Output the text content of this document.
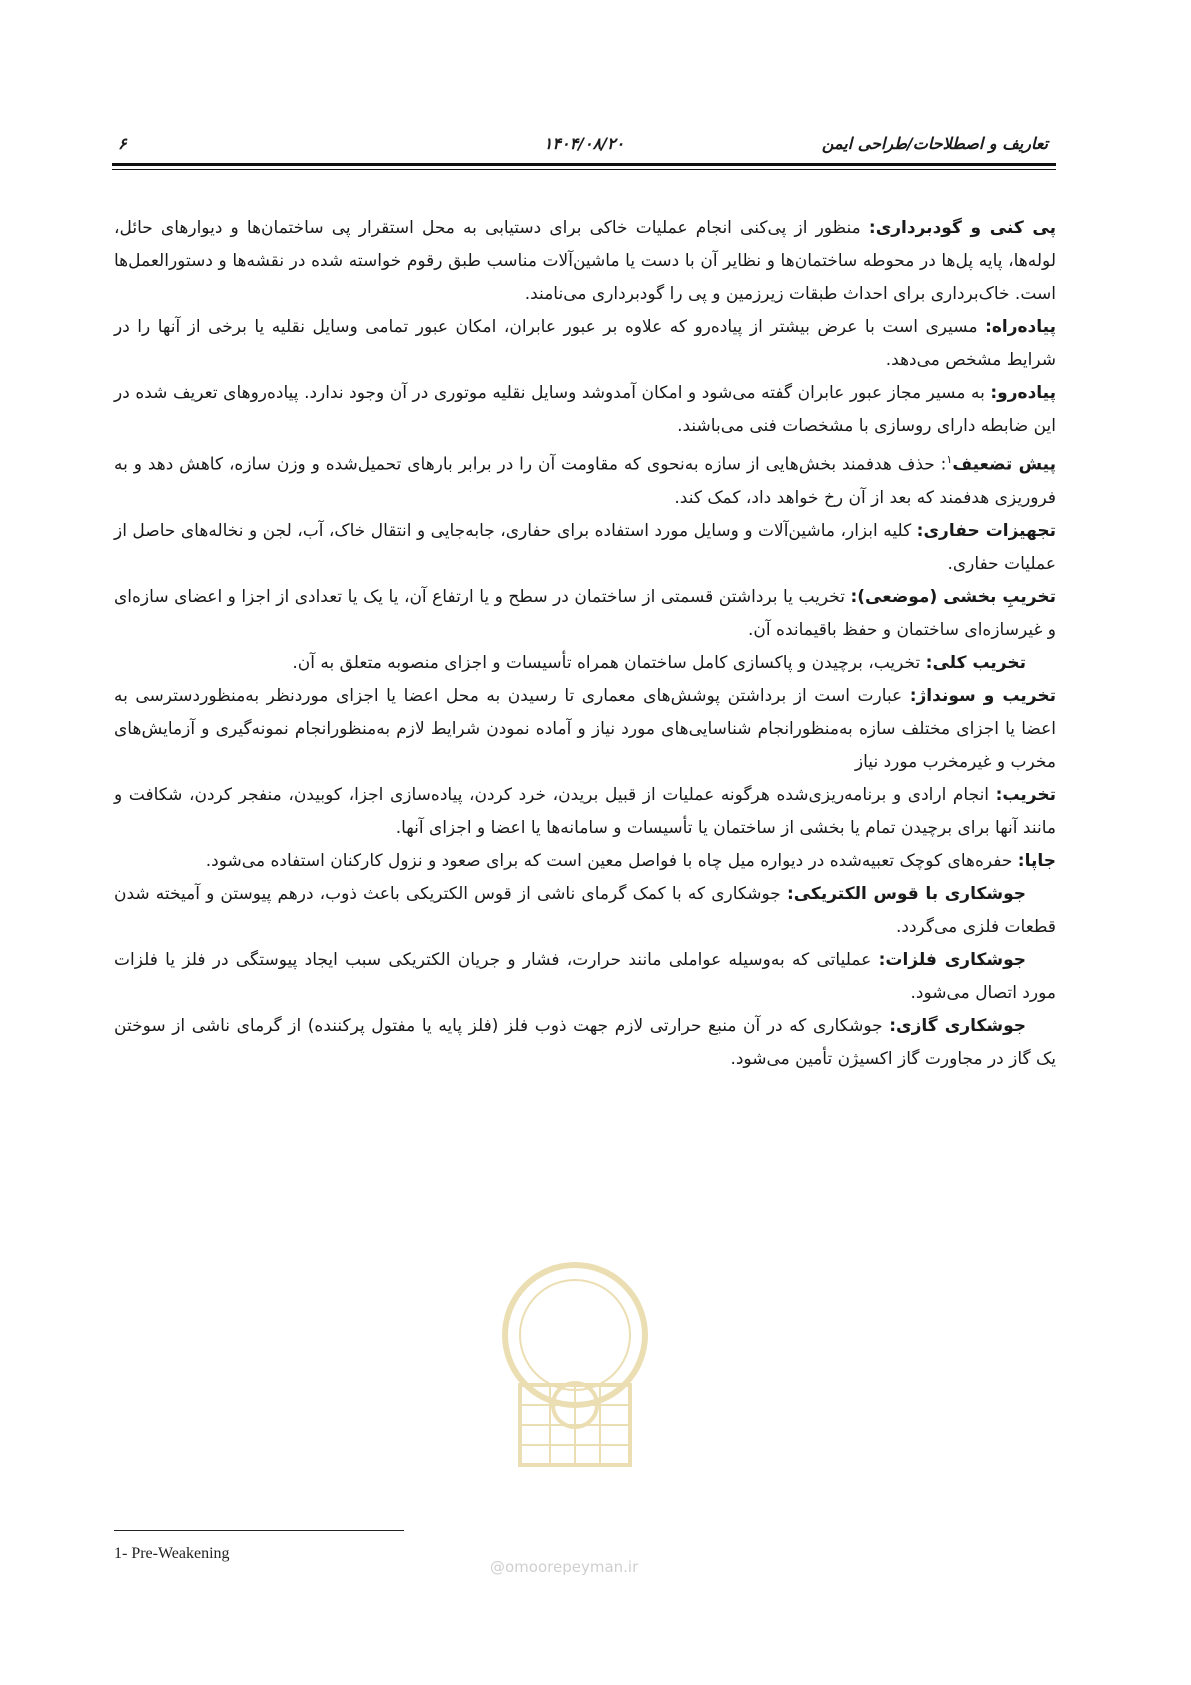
تعاریف و اصطلاحات/طراحی ایمن
۱۴۰۴/۰۸/۲۰
۶

پی کنی و گودبرداری: منظور از پی‌کنی انجام عملیات خاکی برای دستیابی به محل استقرار پی ساختمان‌ها و دیوارهای حائل، لوله‌ها، پایه پل‌ها در محوطه ساختمان‌ها و نظایر آن با دست یا ماشین‌آلات مناسب طبق رقوم خواسته شده در نقشه‌ها و دستورالعمل‌ها است. خاک‌برداری برای احداث طبقات زیرزمین و پی را گودبرداری می‌نامند.

پیاده‌راه: مسیری است با عرض بیشتر از پیاده‌رو که علاوه بر عبور عابران، امکان عبور تمامی وسایل نقلیه یا برخی از آنها را در شرایط مشخص می‌دهد.

پیاده‌رو: به مسیر مجاز عبور عابران گفته می‌شود و امکان آمدوشد وسایل نقلیه موتوری در آن وجود ندارد. پیاده‌روهای تعریف شده در این ضابطه دارای روسازی با مشخصات فنی می‌باشند.

پیش تضعیف$^۱$: حذف هدفمند بخش‌هایی از سازه به‌نحوی که مقاومت آن را در برابر بارهای تحمیل‌شده و وزن سازه، کاهش دهد و به فروریزی هدفمند که بعد از آن رخ خواهد داد، کمک کند.

تجهیزات حفاری: کلیه ابزار، ماشین‌آلات و وسایل مورد استفاده برای حفاری، جابه‌جایی و انتقال خاک، آب، لجن و نخاله‌های حاصل از عملیات حفاری.

تخریبِ بخشی (موضعی): تخریب یا برداشتن قسمتی از ساختمان در سطح و یا ارتفاع آن، یا یک یا تعدادی از اجزا و اعضای سازه‌ای و غیرسازه‌ای ساختمان و حفظ باقیمانده آن.

تخریب کلی: تخریب، برچیدن و پاکسازی کامل ساختمان همراه تأسیسات و اجزای منصوبه متعلق به آن.

تخریب و سونداژ: عبارت است از برداشتن پوشش‌های معماری تا رسیدن به محل اعضا یا اجزای موردنظر به‌منظوردسترسی به اعضا یا اجزای مختلف سازه به‌منظورانجام شناسایی‌های مورد نیاز و آماده نمودن شرایط لازم به‌منظورانجام نمونه‌گیری و آزمایش‌های مخرب و غیرمخرب مورد نیاز

تخریب: انجام ارادی و برنامه‌ریزی‌شده هرگونه عملیات از قبیل بریدن، خرد کردن، پیاده‌سازی اجزا، کوبیدن، منفجر کردن، شکافت و مانند آنها برای برچیدن تمام یا بخشی از ساختمان یا تأسیسات و سامانه‌ها یا اعضا و اجزای آنها.

جاپا: حفره‌های کوچک تعبیه‌شده در دیواره میل چاه با فواصل معین است که برای صعود و نزول کارکنان استفاده می‌شود.

جوشکاری با قوس الکتریکی: جوشکاری که با کمک گرمای ناشی از قوس الکتریکی باعث ذوب، درهم پیوستن و آمیخته شدن قطعات فلزی می‌گردد.

جوشکاری فلزات: عملیاتی که به‌وسیله عواملی مانند حرارت، فشار و جریان الکتریکی سبب ایجاد پیوستگی در فلز یا فلزات مورد اتصال می‌شود.

جوشکاری گازی: جوشکاری که در آن منبع حرارتی لازم جهت ذوب فلز (فلز پایه یا مفتول پرکننده) از گرمای ناشی از سوختن یک گاز در مجاورت گاز اکسیژن تأمین می‌شود.

@omoorepeyman.ir
1- Pre-Weakening
